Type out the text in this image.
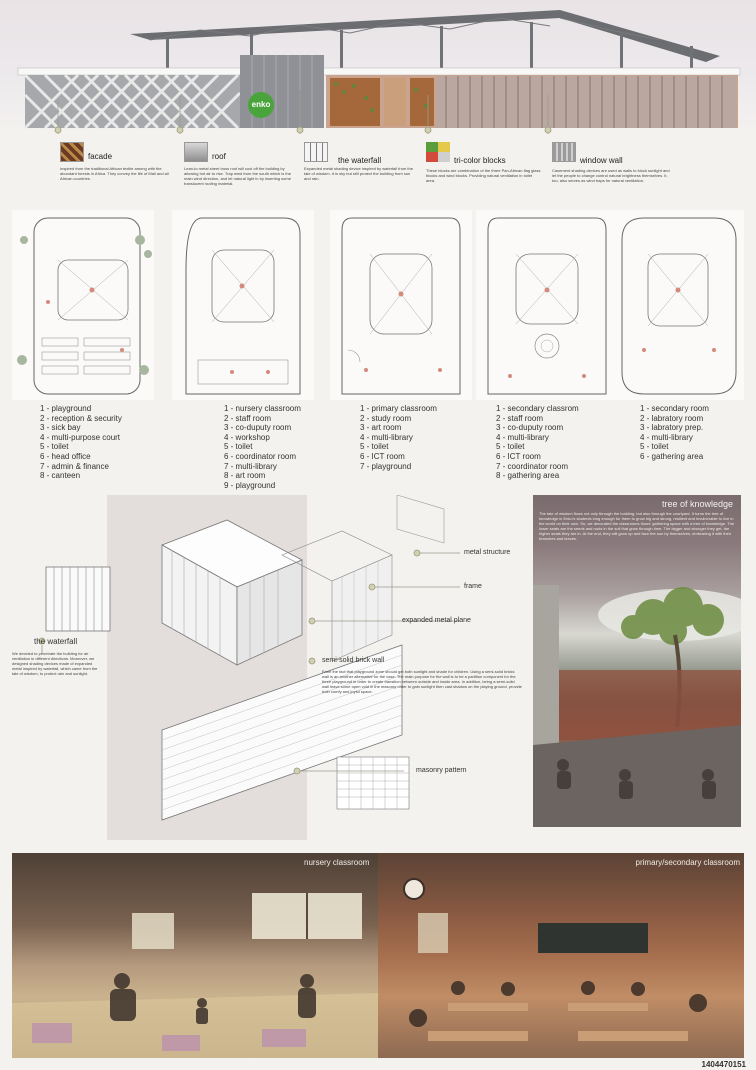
enko
facade
Inspired from the traditional African textile among with the abundant forests in Africa. They convey the life of Mali and all African countries.
roof
Lean-to metal sheet truss roof will cool off the building by allowing hot air to rise. Trap wind from the south which is the main wind direction, and let natural light in by inserting some translucent roofing material.
the waterfall
Expanded metal shading device inspired by waterfall from the tale of wisdom. It is sky but still protect the building from sun and rain.
tri-color blocks
These blocks are combination of the three Pan-African flag glass blocks and wind blocks. Providing natural ventilation in toilet area.
window wall
Casement shading devices are used as walls to block sunlight and let the people to change control natural brightness themselves. It, too, also serves as wind traps for natural ventilation.
1 - playground
2 - reception & security
3 - sick bay
4 - multi-purpose court
5 - toilet
6 - head office
7 - admin & finance
8 - canteen
1 - nursery classroom
2 - staff room
3 - co-duputy room
4 - workshop
5 - toilet
6 - coordinator room
7 - multi-library
8 - art room
9 - playground
1 - primary classroom
2 - study room
3 - art room
4 - multi-library
5 - toilet
6 - ICT room
7 - playground
1 - secondary classrom
2 - staff room
3 - co-duputy room
4 - multi-library
5 - toilet
6 - ICT room
7 - coordinator room
8 - gathering area
1 - secondary room
2 - labratory room
3 - labratory prep.
4 - multi-library
5 - toilet
6 - gathering area
metal structure
frame
expanded metal plane
semi-solid brick wall
masonry pattern
the waterfall
We decided to penetrate the building for air ventilation in different directions. Moreover, we designed shading devices made of expanded metal inspired by waterfall, which came from the tale of wisdom, to protect rain and sunlight.	From the fact that playground zone should get both sunlight and shade for children. Using a semi-solid bricks wall is an another alternative for the case. The main purpose for the wall is to be a partition component for the three playground in order to create transition between outside and inside area. In addition, being a semi-solid wall leave some open void in the masonry order to gain sunlight then cast shadow on the playing ground, provide both comfy and joyful space.
tree of knowledge
The tale of wisdom flows not only through the building, but also through the courtyard. It turns the tree of knowledge in Enko's students long enough for them to grow big and strong, resilient and invulnerable to live in the world on their own. So, we decorated the classrooms floors' gathering space with a tree of knowledge. The lower seats are the seeds and roots in the soil that grow through time. The bigger and stronger they get, the higher seats they are in. At the end, they will grow up and face the sun by themselves, embracing it with their branches and leaves.
nursery classroom	primary/secondary classroom
1404470151
